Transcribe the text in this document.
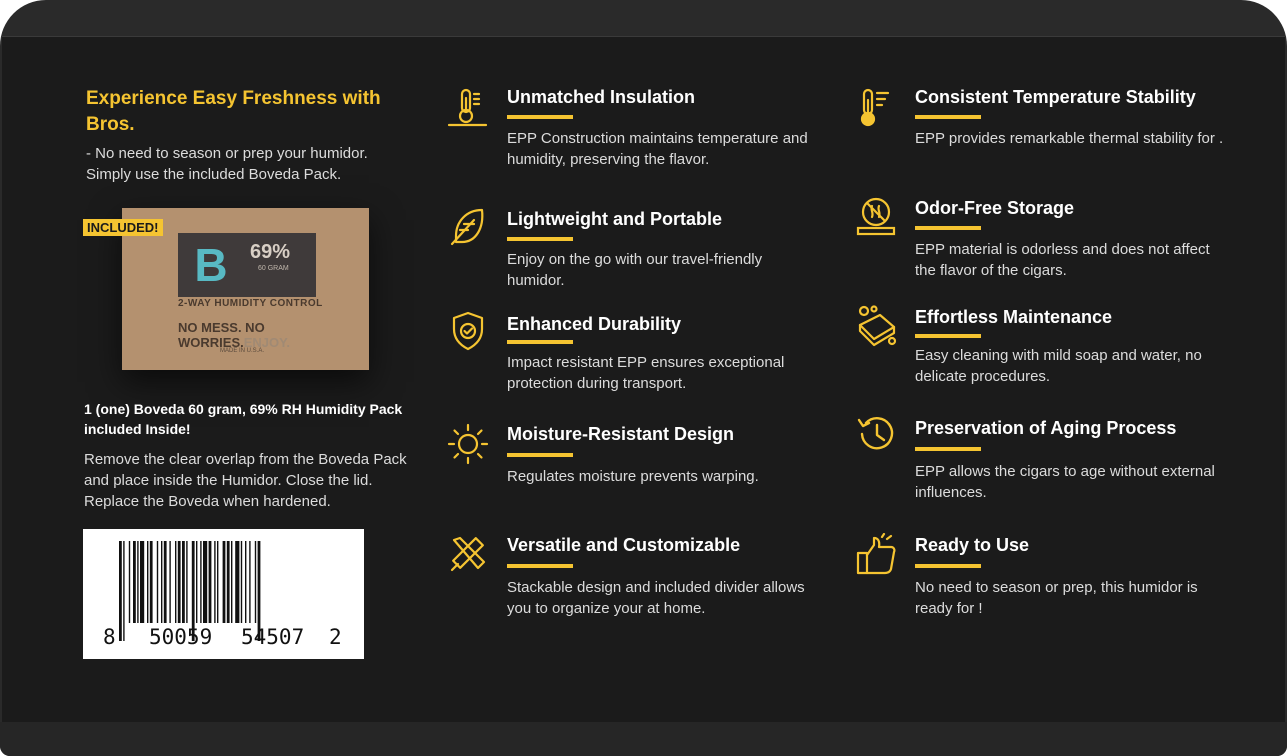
Experience Easy Freshness with Bros.
- No need to season or prep your humidor. Simply use the included Boveda Pack.
B	69%
60 GRAM
2-WAY HUMIDITY CONTROL
NO MESS. NO WORRIES.ENJOY.
MADE IN U.S.A.
INCLUDED!
1 (one) Boveda 60 gram, 69% RH Humidity Pack included Inside!
Remove the clear overlap from the Boveda Pack and place inside the Humidor. Close the lid. Replace the Boveda when hardened.
8 50059 54507 2
Unmatched Insulation
EPP Construction maintains temperature and humidity, preserving the flavor.
Lightweight and Portable
Enjoy on the go with our travel-friendly humidor.
Enhanced Durability
Impact resistant EPP ensures exceptional protection during transport.
Moisture-Resistant Design
Regulates moisture prevents warping.
Versatile and Customizable
Stackable design and included divider allows you to organize your at home.
Consistent Temperature Stability
EPP provides remarkable thermal stability for .
Odor-Free Storage
EPP material is odorless and does not affect the flavor of the cigars.
Effortless Maintenance
Easy cleaning with mild soap and water, no delicate procedures.
Preservation of Aging Process
EPP allows the cigars to age without external influences.
Ready to Use
No need to season or prep, this humidor is ready for !
